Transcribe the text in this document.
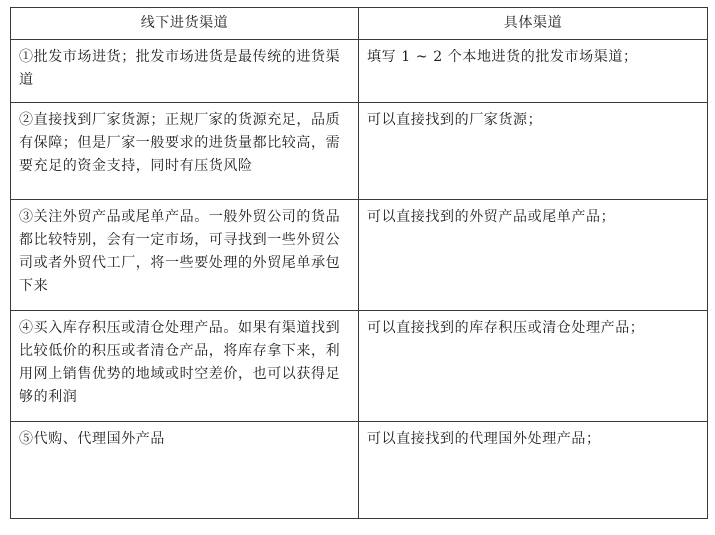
线下进货渠道	具体渠道
①批发市场进货；批发市场进货是最传统的进货渠道	填写 1 ~ 2 个本地进货的批发市场渠道；
②直接找到厂家货源；正规厂家的货源充足，品质有保障；但是厂家一般要求的进货量都比较高，需要充足的资金支持，同时有压货风险	可以直接找到的厂家货源；
③关注外贸产品或尾单产品。一般外贸公司的货品都比较特别，会有一定市场，可寻找到一些外贸公司或者外贸代工厂，将一些要处理的外贸尾单承包下来	可以直接找到的外贸产品或尾单产品；
④买入库存积压或清仓处理产品。如果有渠道找到比较低价的积压或者清仓产品，将库存拿下来，利用网上销售优势的地域或时空差价，也可以获得足够的利润	可以直接找到的库存积压或清仓处理产品；
⑤代购、代理国外产品	可以直接找到的代理国外处理产品；
